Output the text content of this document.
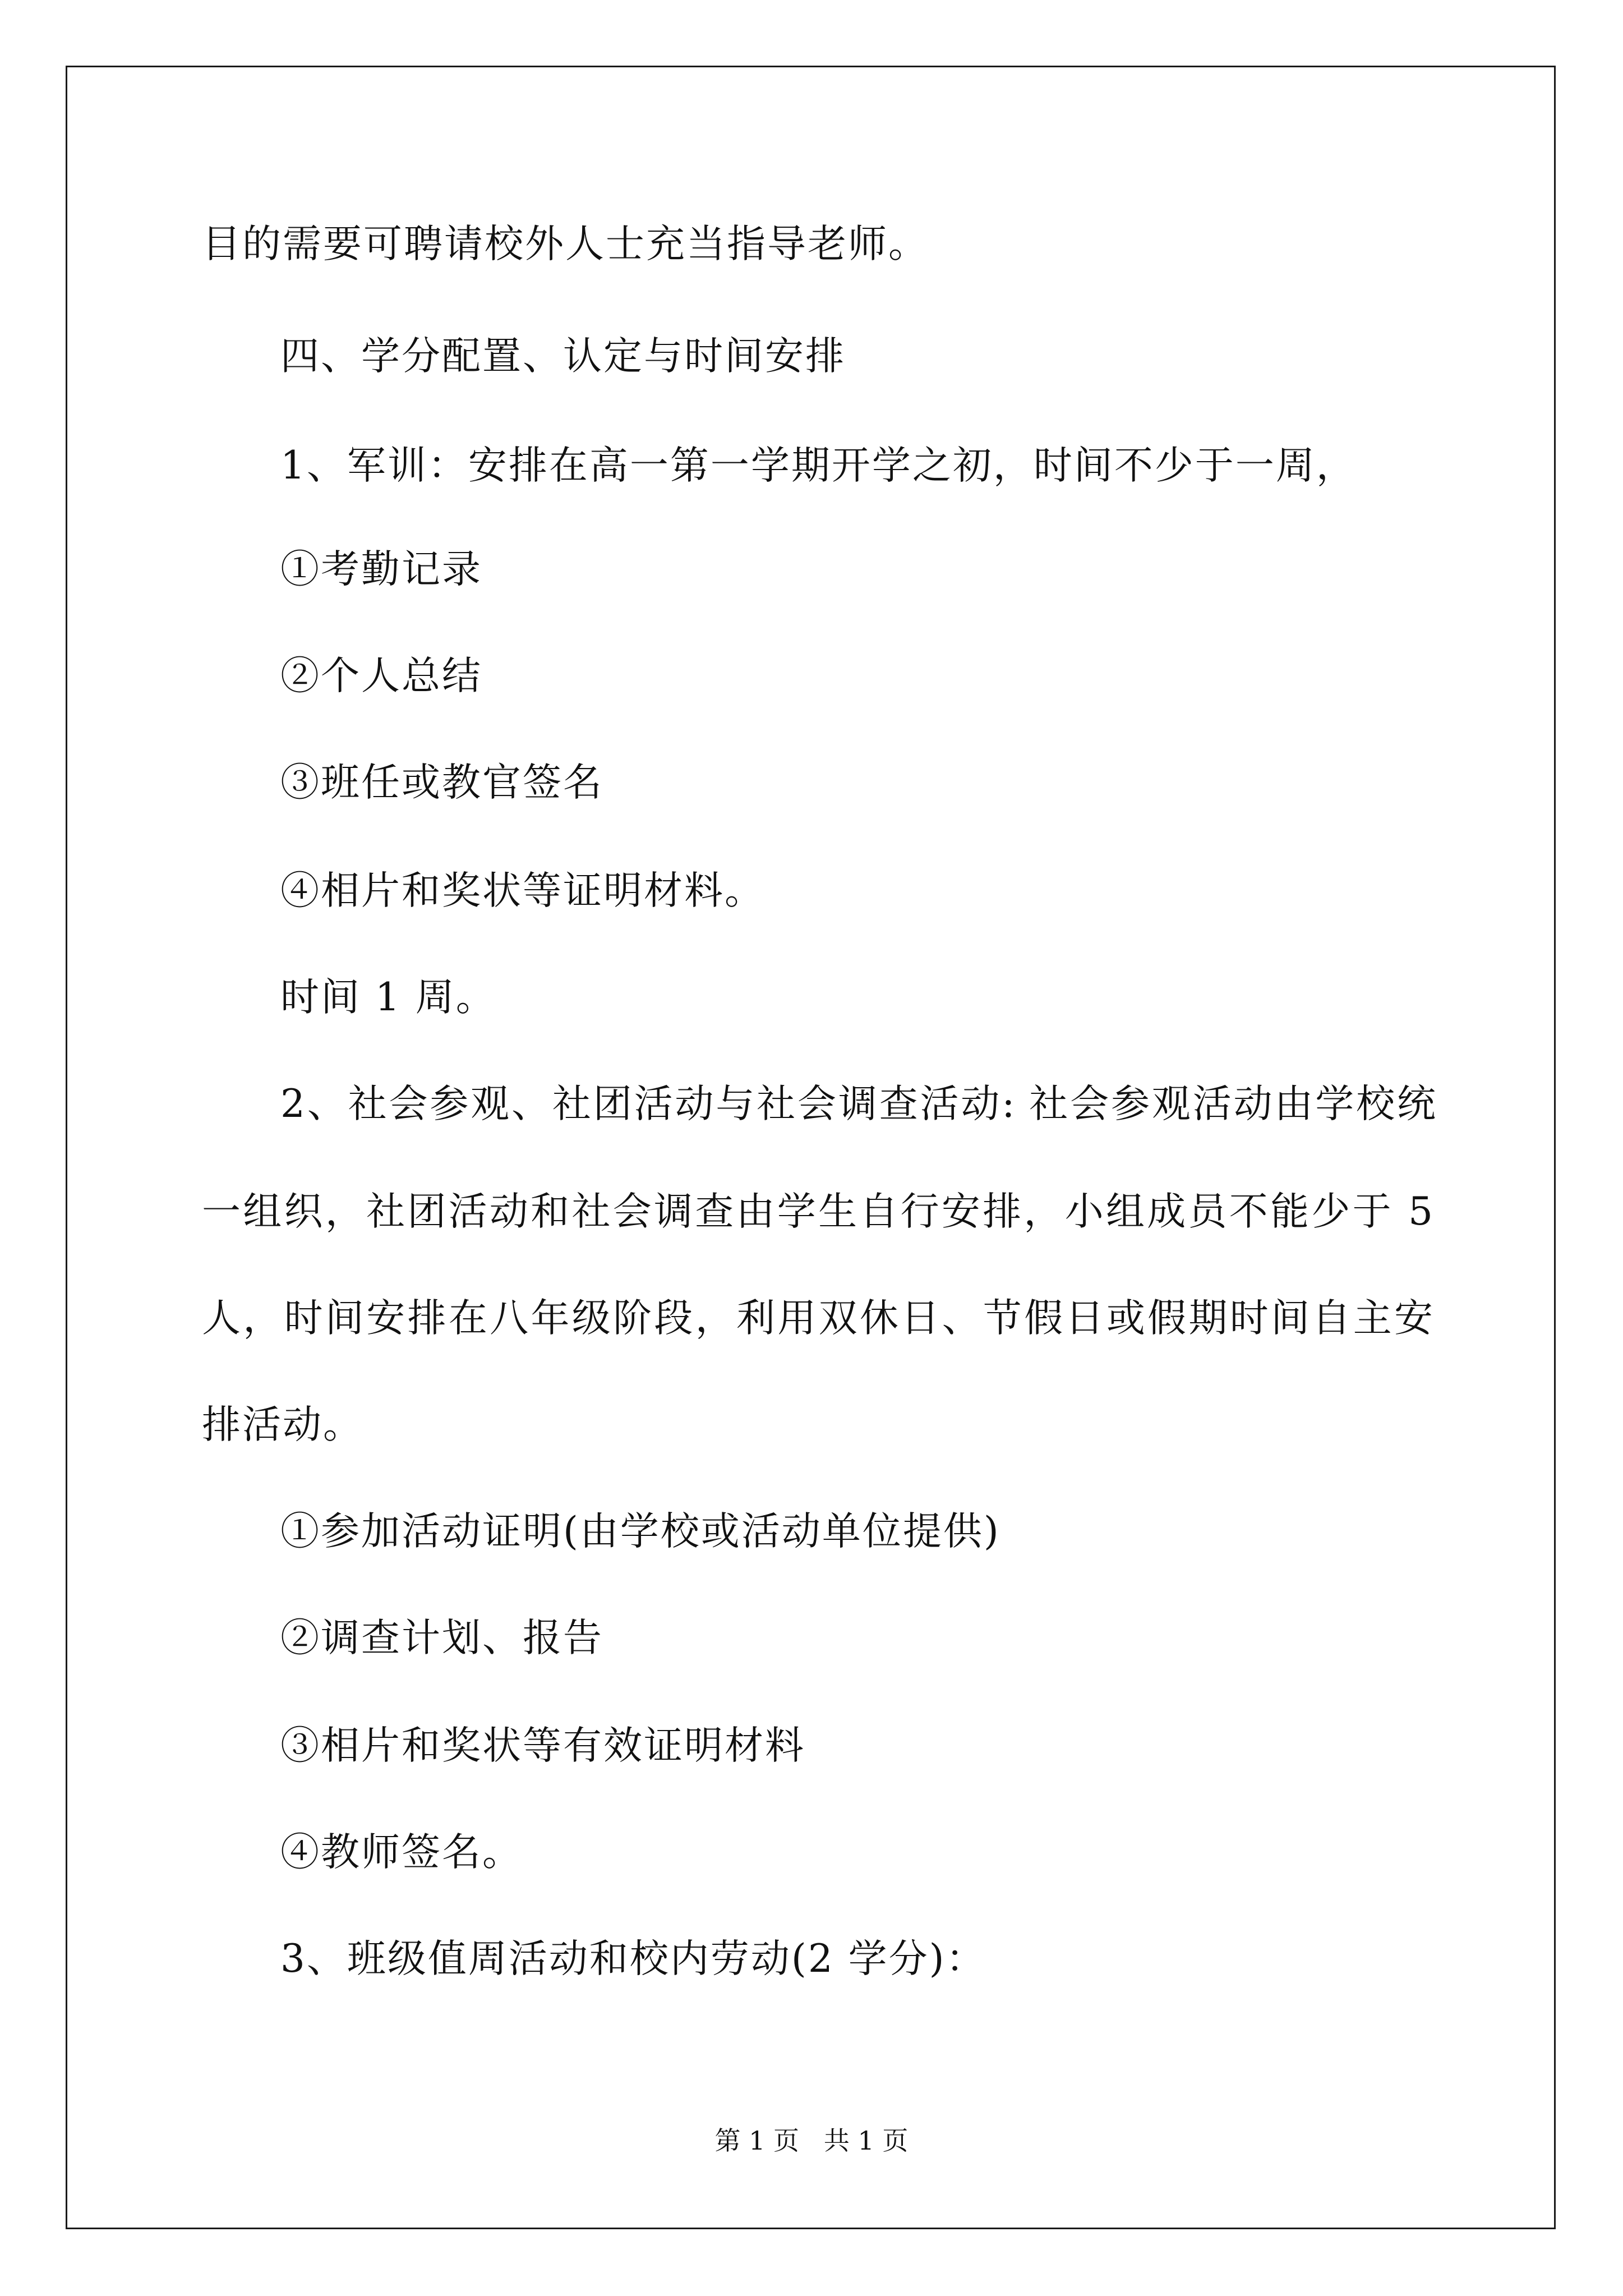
目的需要可聘请校外人士充当指导老师。
四、学分配置、认定与时间安排
1、军训：安排在高一第一学期开学之初，时间不少于一周，
①考勤记录
②个人总结
③班任或教官签名
④相片和奖状等证明材料。
时间 1 周。
2、社会参观、社团活动与社会调查活动: 社会参观活动由学校统
一组织，社团活动和社会调查由学生自行安排，小组成员不能少于 5
人，时间安排在八年级阶段，利用双休日、节假日或假期时间自主安
排活动。
①参加活动证明(由学校或活动单位提供)
②调查计划、报告
③相片和奖状等有效证明材料
④教师签名。
3、班级值周活动和校内劳动(2 学分)：
第 1 页   共 1 页
